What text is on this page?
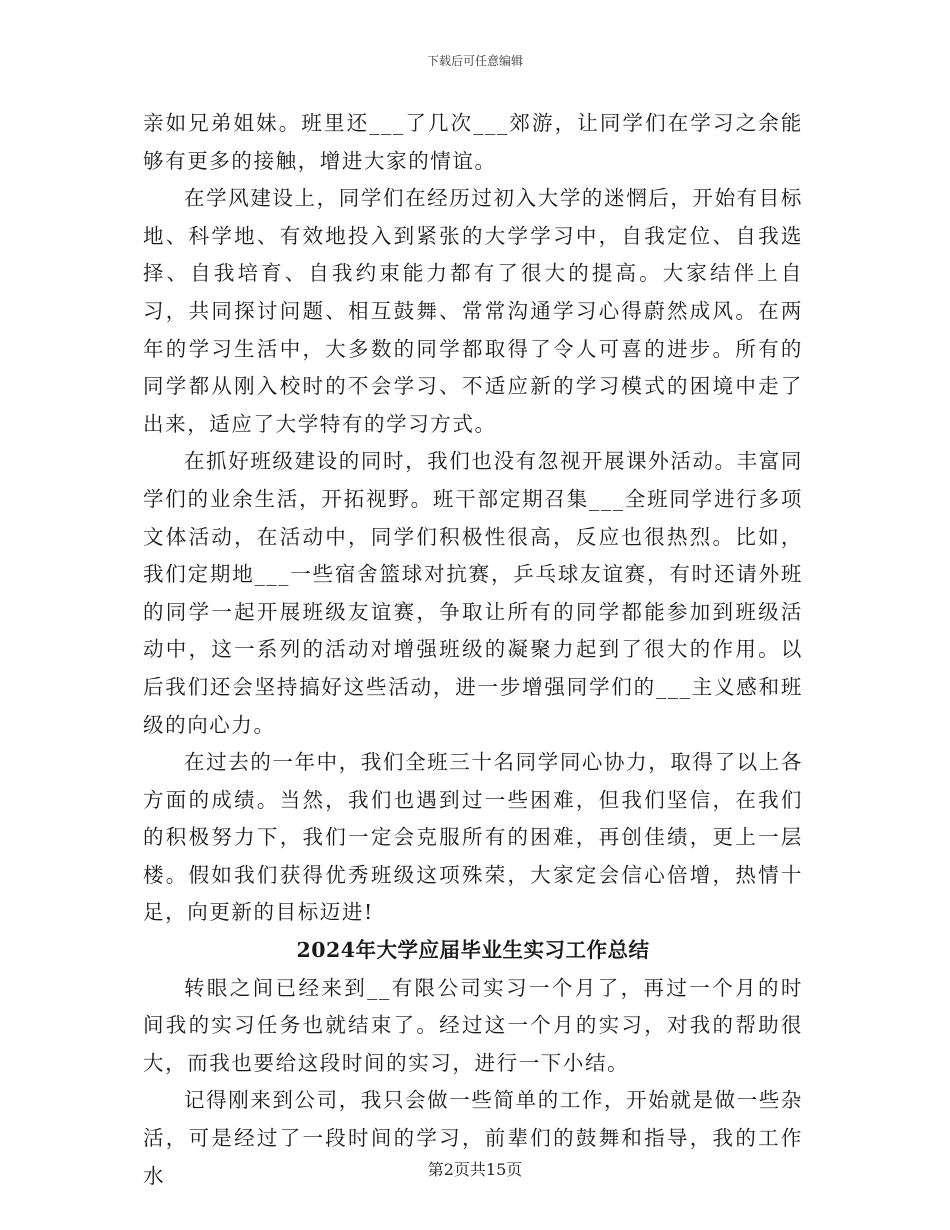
下载后可任意编辑

亲如兄弟姐妹。班里还___了几次___郊游，让同学们在学习之余能够有更多的接触，增进大家的情谊。

在学风建设上，同学们在经历过初入大学的迷惘后，开始有目标地、科学地、有效地投入到紧张的大学学习中，自我定位、自我选择、自我培育、自我约束能力都有了很大的提高。大家结伴上自习，共同探讨问题、相互鼓舞、常常沟通学习心得蔚然成风。在两年的学习生活中，大多数的同学都取得了令人可喜的进步。所有的同学都从刚入校时的不会学习、不适应新的学习模式的困境中走了出来，适应了大学特有的学习方式。

在抓好班级建设的同时，我们也没有忽视开展课外活动。丰富同学们的业余生活，开拓视野。班干部定期召集___全班同学进行多项文体活动，在活动中，同学们积极性很高，反应也很热烈。比如，我们定期地___一些宿舍篮球对抗赛，乒乓球友谊赛，有时还请外班的同学一起开展班级友谊赛，争取让所有的同学都能参加到班级活动中，这一系列的活动对增强班级的凝聚力起到了很大的作用。以后我们还会坚持搞好这些活动，进一步增强同学们的___主义感和班级的向心力。

在过去的一年中，我们全班三十名同学同心协力，取得了以上各方面的成绩。当然，我们也遇到过一些困难，但我们坚信，在我们的积极努力下，我们一定会克服所有的困难，再创佳绩，更上一层楼。假如我们获得优秀班级这项殊荣，大家定会信心倍增，热情十足，向更新的目标迈进!

2024年大学应届毕业生实习工作总结

转眼之间已经来到__有限公司实习一个月了，再过一个月的时间我的实习任务也就结束了。经过这一个月的实习，对我的帮助很大，而我也要给这段时间的实习，进行一下小结。

记得刚来到公司，我只会做一些简单的工作，开始就是做一些杂活，可是经过了一段时间的学习，前辈们的鼓舞和指导，我的工作水	第2页共15页
